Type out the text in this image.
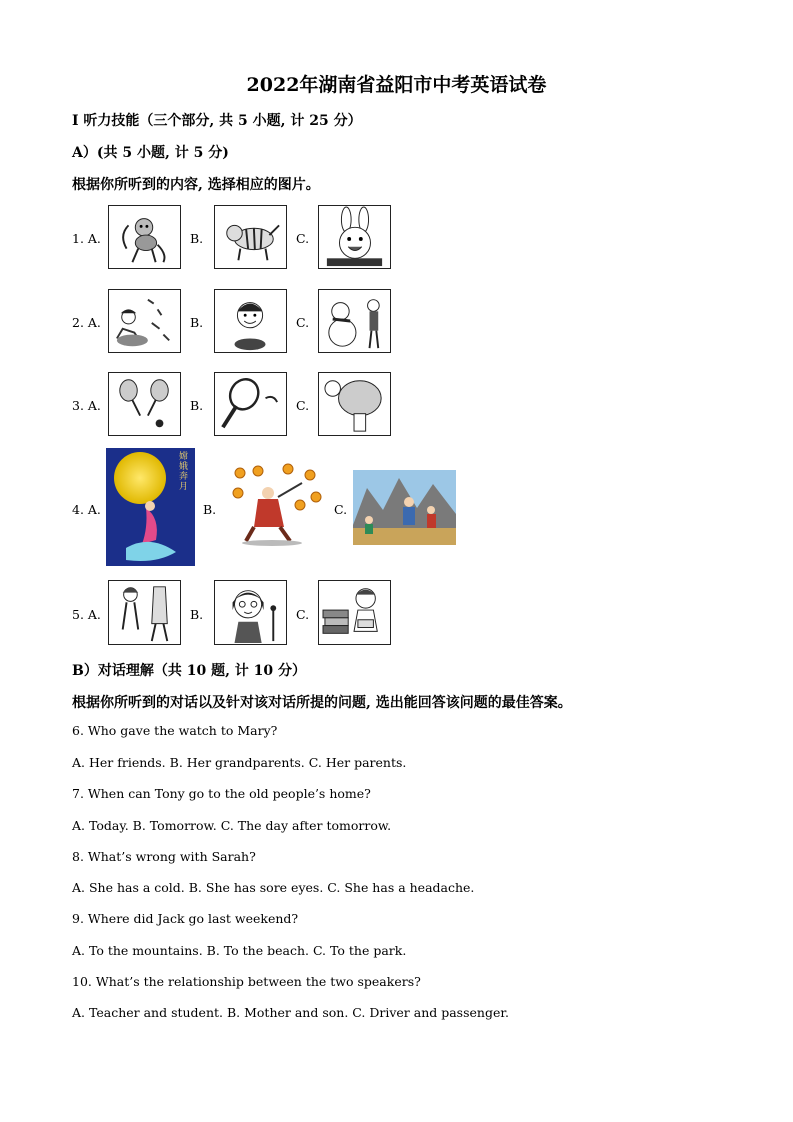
2022年湖南省益阳市中考英语试卷
I 听力技能（三个部分, 共 5 小题, 计 25 分）
A）(共 5 小题, 计 5 分)
根据你所听到的内容, 选择相应的图片。
1. A.	B.	C.
2. A.	B.	C.
3. A.	B.	C.
4. A.
嫦娥奔月
B.	C.
5. A.	B.	C.
B）对话理解（共 10 题, 计 10 分）
根据你所听到的对话以及针对该对话所提的问题, 选出能回答该问题的最佳答案。
6. Who gave the watch to Mary?
A. Her friends. B. Her grandparents. C. Her parents.
7. When can Tony go to the old people’s home?
A. Today. B. Tomorrow. C. The day after tomorrow.
8. What’s wrong with Sarah?
A. She has a cold. B. She has sore eyes. C. She has a headache.
9. Where did Jack go last weekend?
A. To the mountains. B. To the beach. C. To the park.
10. What’s the relationship between the two speakers?
A. Teacher and student. B. Mother and son. C. Driver and passenger.
